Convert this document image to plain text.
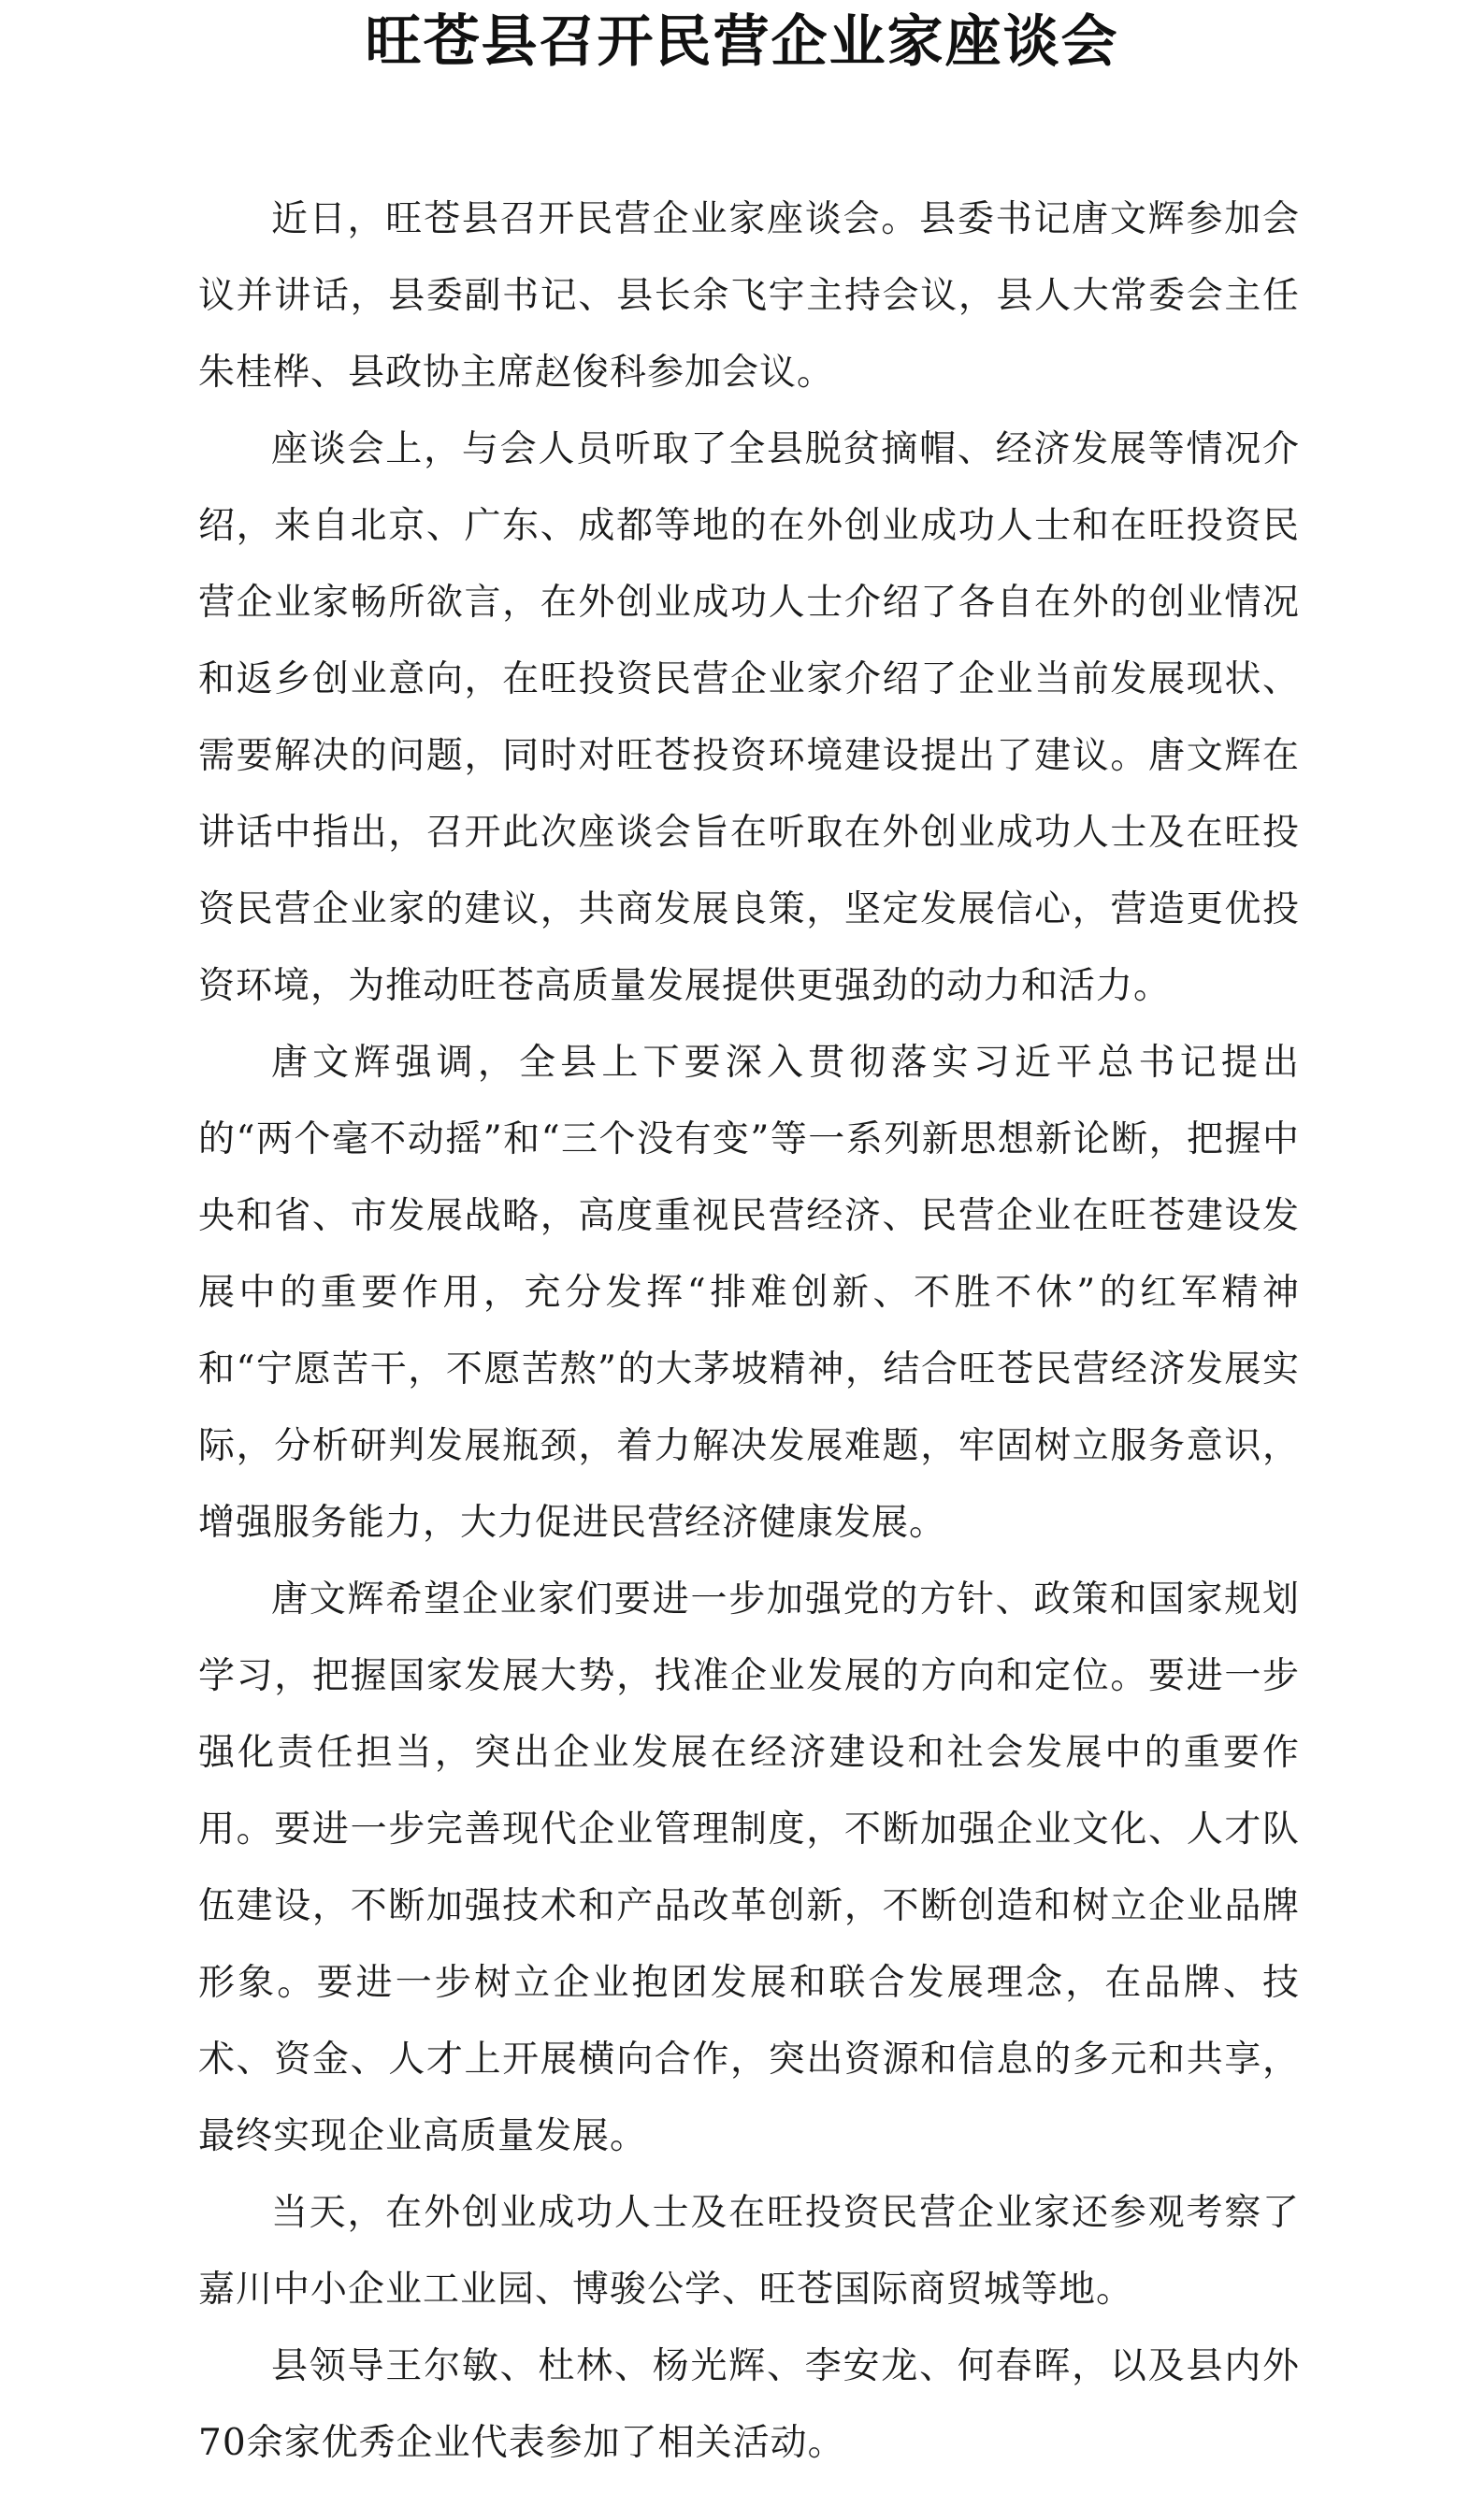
旺苍县召开民营企业家座谈会

近日，旺苍县召开民营企业家座谈会。县委书记唐文辉参加会议并讲话，县委副书记、县长余飞宇主持会议，县人大常委会主任朱桂桦、县政协主席赵俊科参加会议。

座谈会上，与会人员听取了全县脱贫摘帽、经济发展等情况介绍，来自北京、广东、成都等地的在外创业成功人士和在旺投资民营企业家畅所欲言，在外创业成功人士介绍了各自在外的创业情况和返乡创业意向，在旺投资民营企业家介绍了企业当前发展现状、需要解决的问题，同时对旺苍投资环境建设提出了建议。唐文辉在讲话中指出，召开此次座谈会旨在听取在外创业成功人士及在旺投资民营企业家的建议，共商发展良策，坚定发展信心，营造更优投资环境，为推动旺苍高质量发展提供更强劲的动力和活力。

唐文辉强调，全县上下要深入贯彻落实习近平总书记提出的“两个毫不动摇”和“三个没有变”等一系列新思想新论断，把握中央和省、市发展战略，高度重视民营经济、民营企业在旺苍建设发展中的重要作用，充分发挥“排难创新、不胜不休”的红军精神和“宁愿苦干，不愿苦熬”的大茅坡精神，结合旺苍民营经济发展实际，分析研判发展瓶颈，着力解决发展难题，牢固树立服务意识，增强服务能力，大力促进民营经济健康发展。

唐文辉希望企业家们要进一步加强党的方针、政策和国家规划学习，把握国家发展大势，找准企业发展的方向和定位。要进一步强化责任担当，突出企业发展在经济建设和社会发展中的重要作用。要进一步完善现代企业管理制度，不断加强企业文化、人才队伍建设，不断加强技术和产品改革创新，不断创造和树立企业品牌形象。要进一步树立企业抱团发展和联合发展理念，在品牌、技术、资金、人才上开展横向合作，突出资源和信息的多元和共享，最终实现企业高质量发展。

当天，在外创业成功人士及在旺投资民营企业家还参观考察了嘉川中小企业工业园、博骏公学、旺苍国际商贸城等地。

县领导王尔敏、杜林、杨光辉、李安龙、何春晖，以及县内外70余家优秀企业代表参加了相关活动。
